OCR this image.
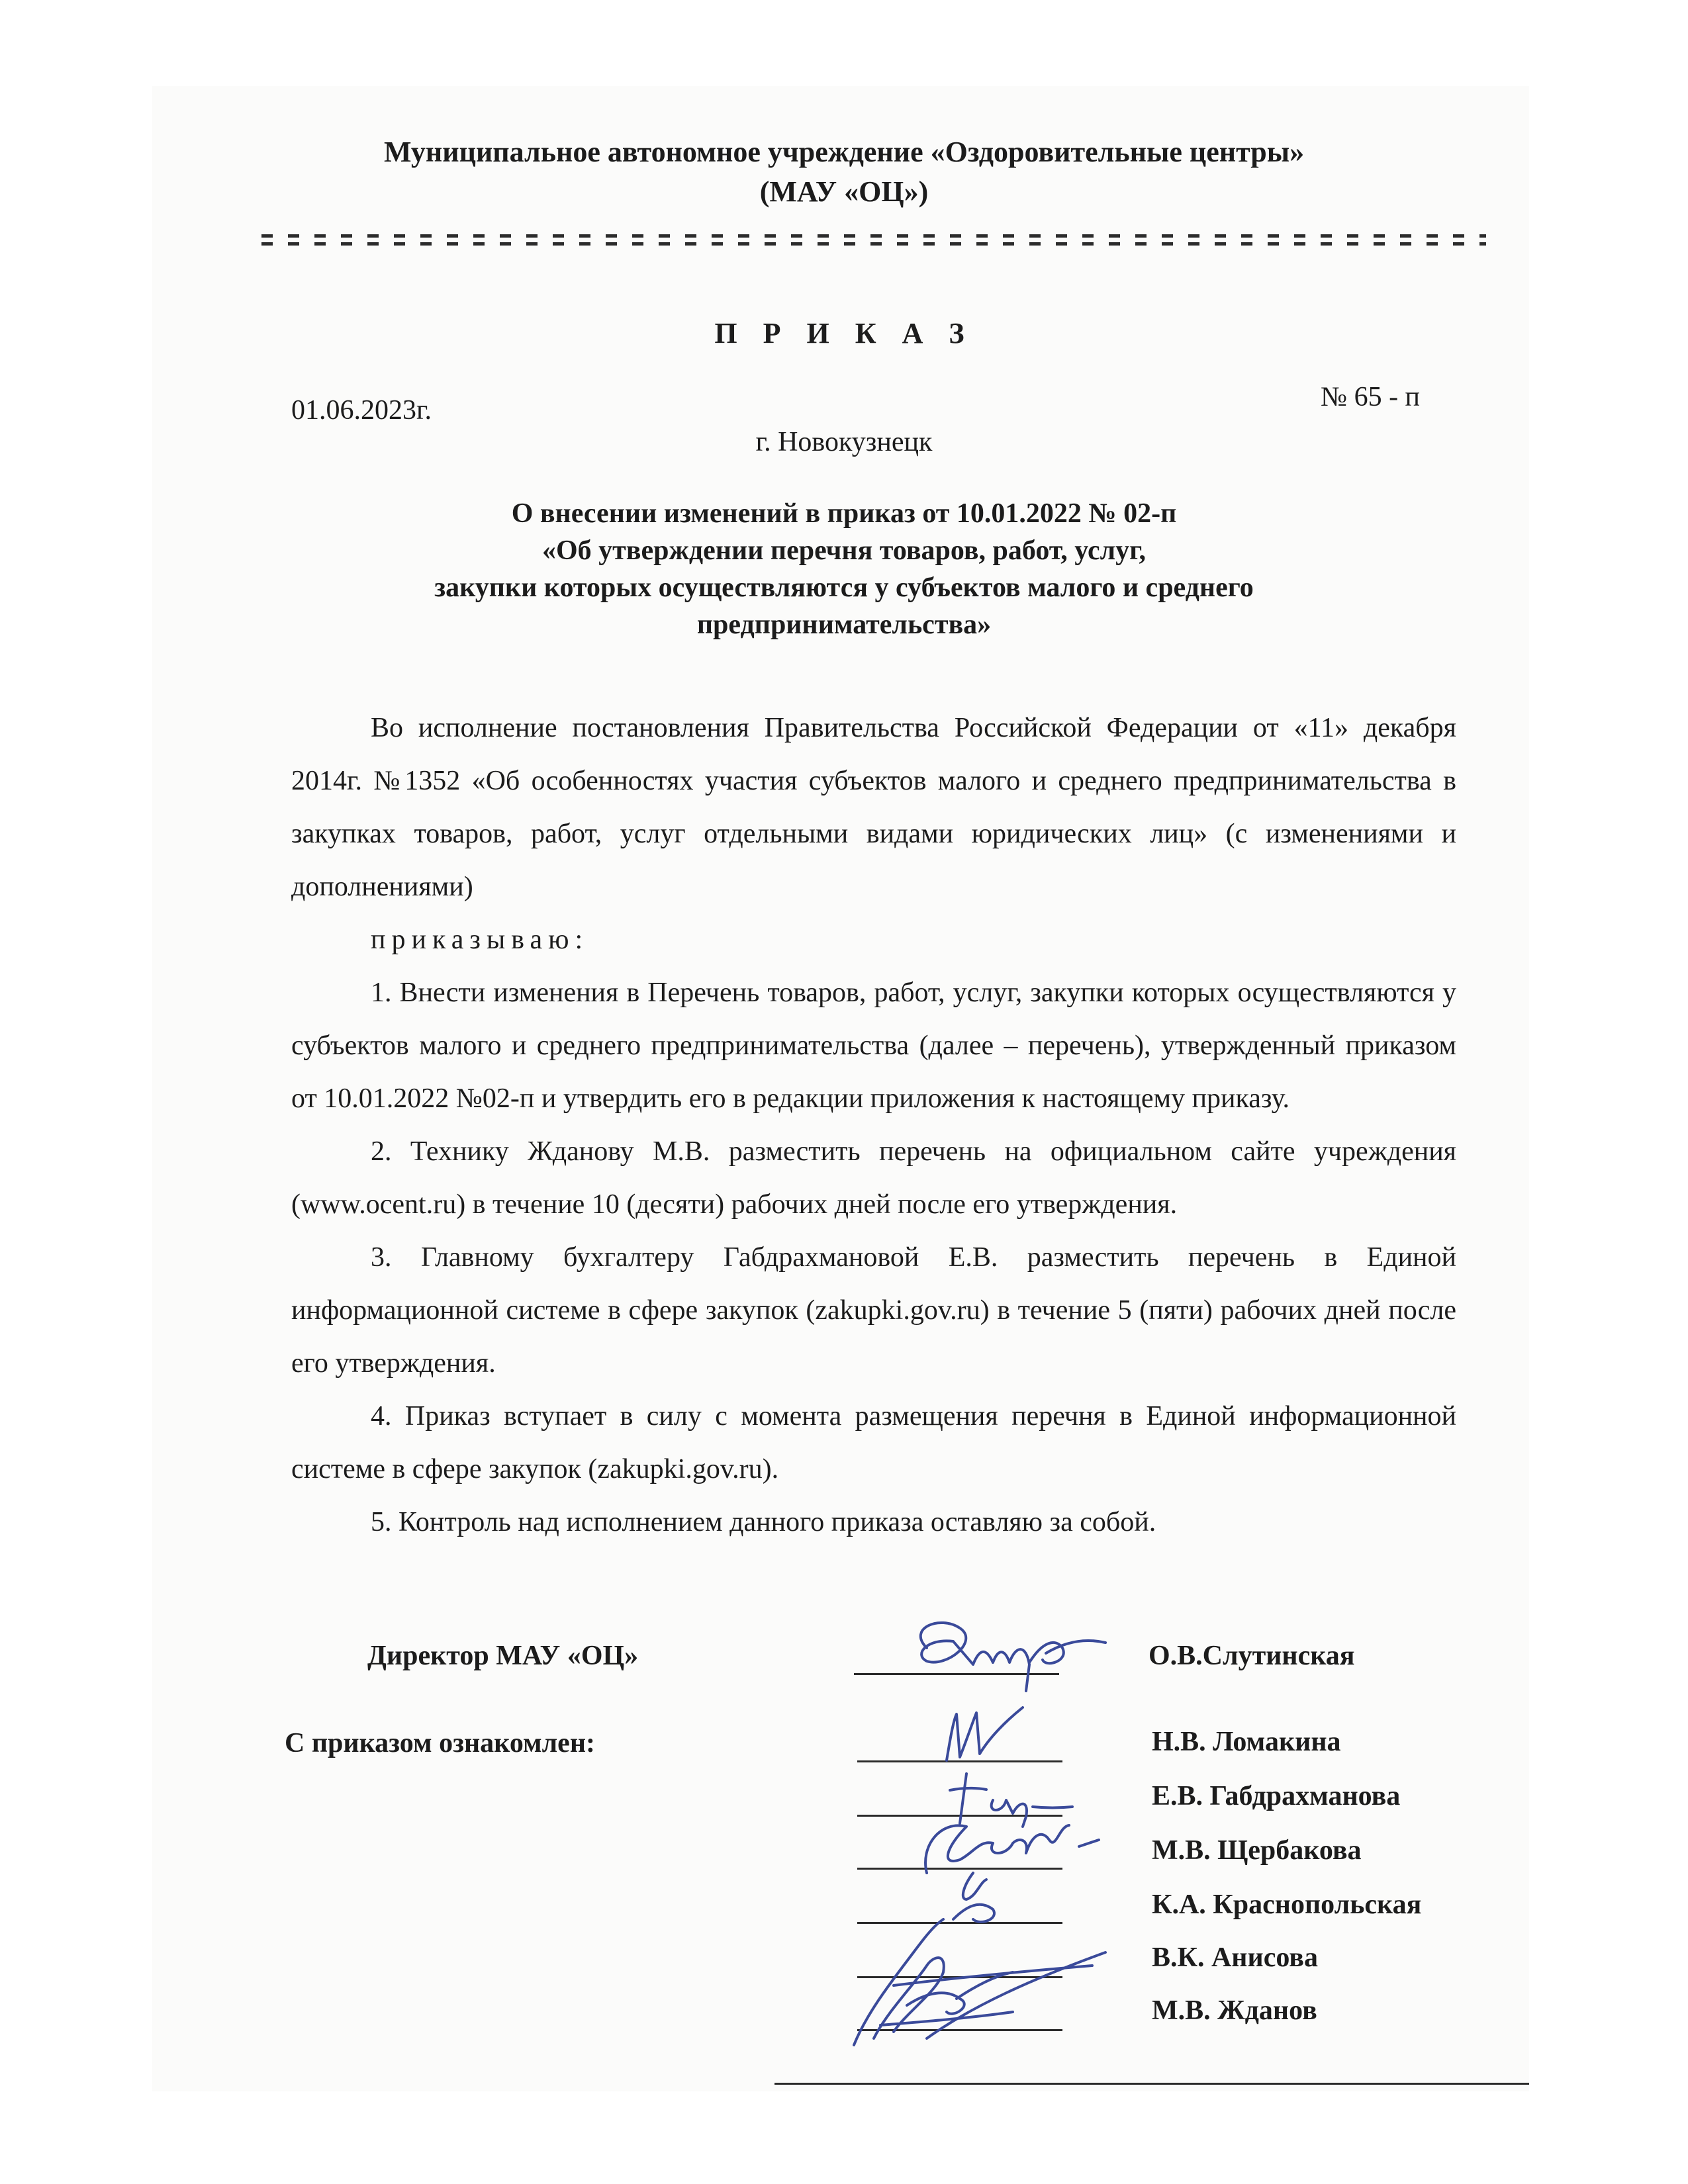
Муниципальное автономное учреждение «Оздоровительные центры»
(МАУ «ОЦ»)
П Р И К А З
01.06.2023г.	№ 65 - п
г. Новокузнецк
О внесении изменений в приказ от 10.01.2022 № 02-п
«Об утверждении перечня товаров, работ, услуг,
закупки которых осуществляются у субъектов малого и среднего
предпринимательства»

Во исполнение постановления Правительства Российской Федерации от «11» декабря 2014г. №1352 «Об особенностях участия субъектов малого и среднего предпринимательства в закупках товаров, работ, услуг отдельными видами юридических лиц» (с изменениями и дополнениями)

приказываю:

1. Внести изменения в Перечень товаров, работ, услуг, закупки которых осуществляются у субъектов малого и среднего предпринимательства (далее – перечень), утвержденный приказом от 10.01.2022 №02-п и утвердить его в редакции приложения к настоящему приказу.

2. Технику Жданову М.В. разместить перечень на официальном сайте учреждения (www.ocent.ru) в течение 10 (десяти) рабочих дней после его утверждения.

3. Главному бухгалтеру Габдрахмановой Е.В. разместить перечень в Единой информационной системе в сфере закупок (zakupki.gov.ru) в течение 5 (пяти) рабочих дней после его утверждения.

4. Приказ вступает в силу с момента размещения перечня в Единой информационной системе в сфере закупок (zakupki.gov.ru).

5. Контроль над исполнением данного приказа оставляю за собой.

Директор МАУ «ОЦ»	О.В.Слутинская
С приказом ознакомлен:	Н.В. Ломакина
Е.В. Габдрахманова
М.В. Щербакова
К.А. Краснопольская
В.К. Анисова
М.В. Жданов
